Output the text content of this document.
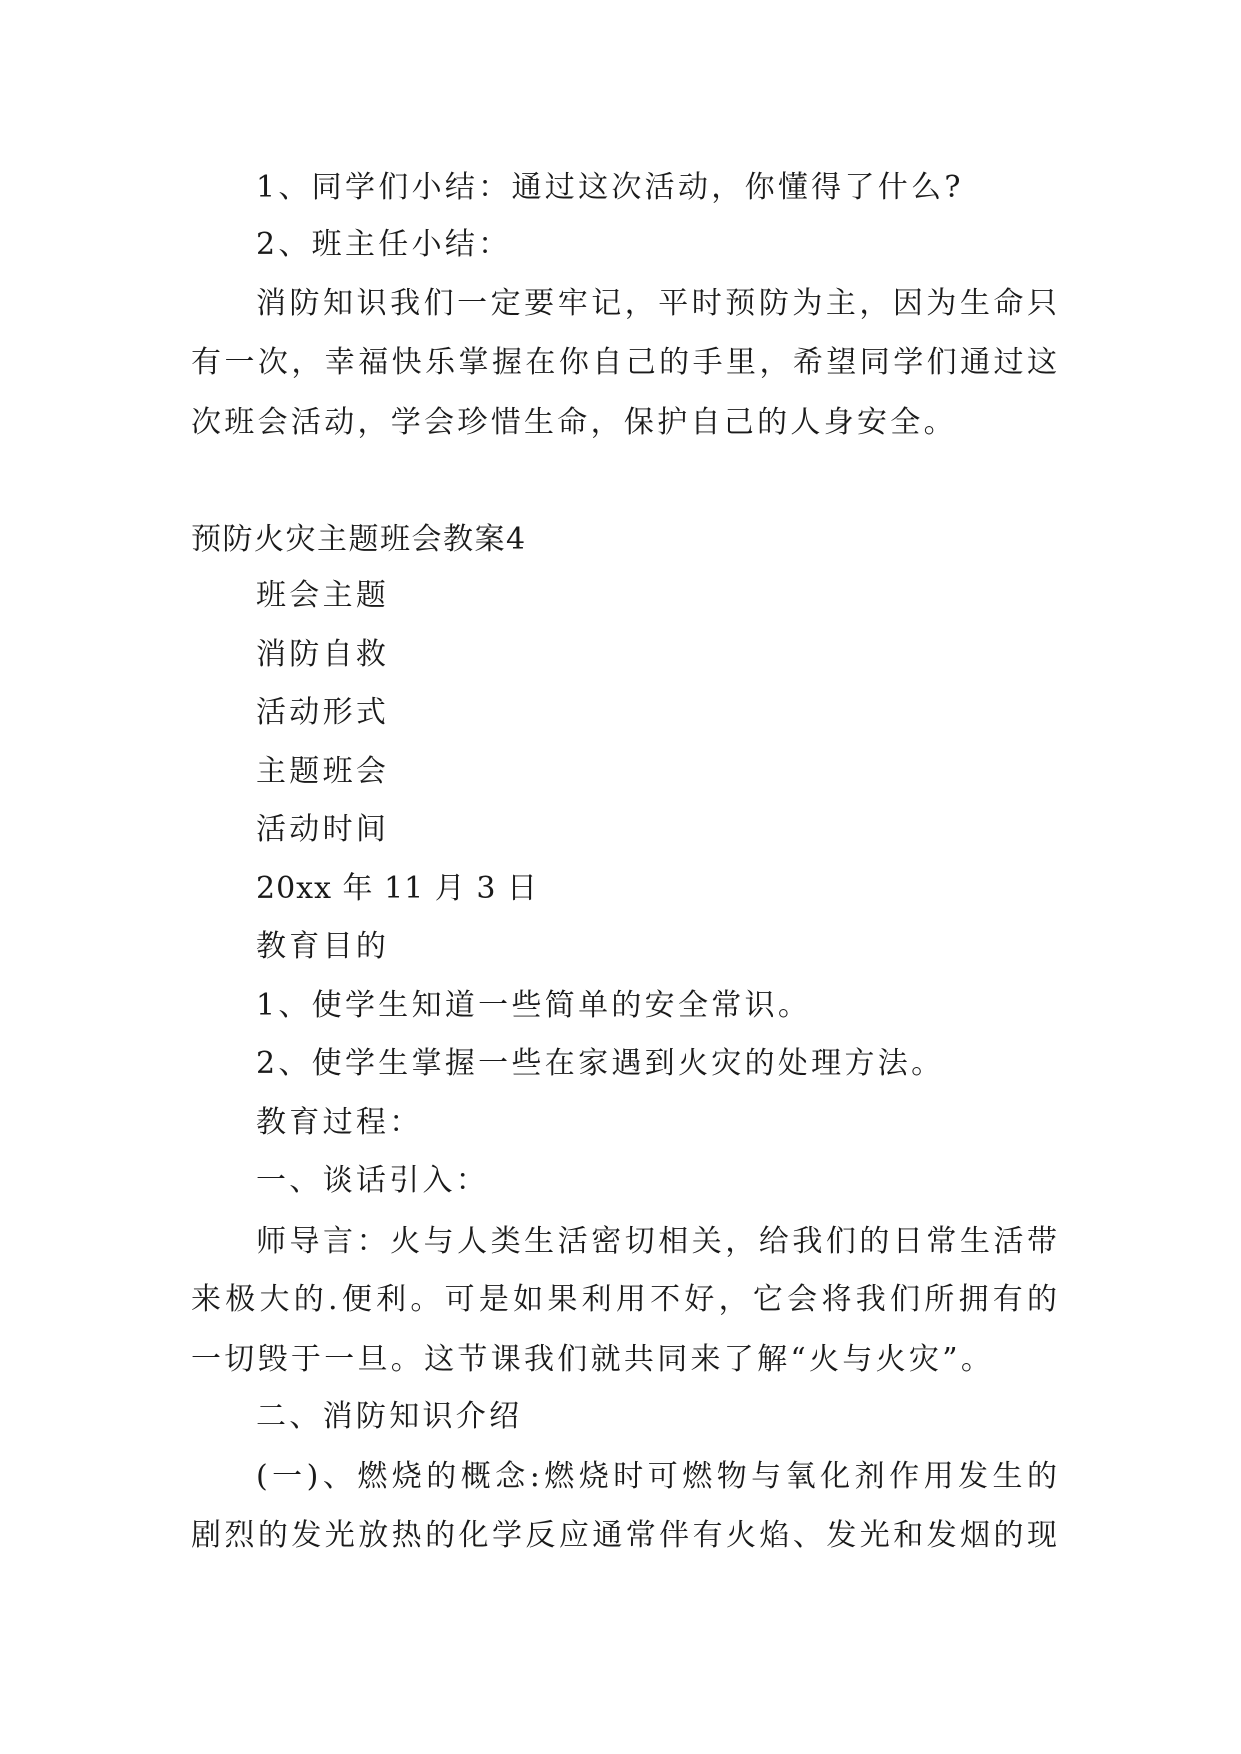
1、同学们小结：通过这次活动，你懂得了什么?
2、班主任小结：
消防知识我们一定要牢记，平时预防为主，因为生命只
有一次，幸福快乐掌握在你自己的手里，希望同学们通过这
次班会活动，学会珍惜生命，保护自己的人身安全。
预防火灾主题班会教案4
班会主题
消防自救
活动形式
主题班会
活动时间
20xx 年 11 月 3 日
教育目的
1、使学生知道一些简单的安全常识。
2、使学生掌握一些在家遇到火灾的处理方法。
教育过程：
一、谈话引入：
师导言：火与人类生活密切相关，给我们的日常生活带
来极大的.便利。可是如果利用不好，它会将我们所拥有的
一切毁于一旦。这节课我们就共同来了解“火与火灾”。
二、消防知识介绍
(一)、燃烧的概念:燃烧时可燃物与氧化剂作用发生的
剧烈的发光放热的化学反应通常伴有火焰、发光和发烟的现
